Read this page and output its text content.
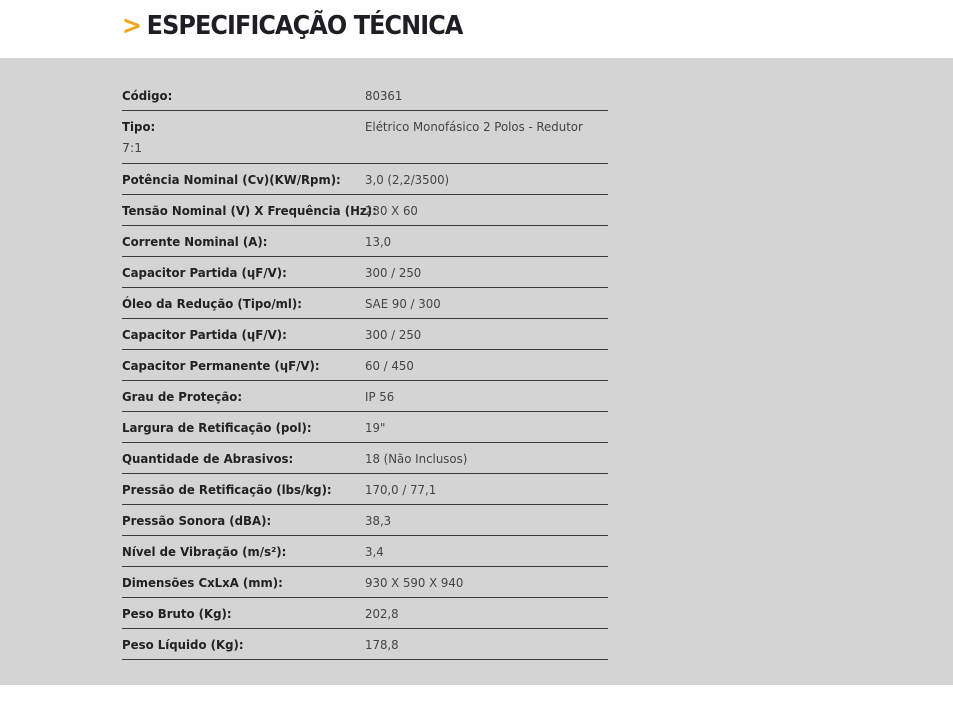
> ESPECIFICAÇÃO TÉCNICA
Código:	80361
Tipo:	Elétrico Monofásico 2 Polos - Redutor
7:1
Potência Nominal (Cv)(KW/Rpm):	3,0 (2,2/3500)
Tensão Nominal (V) X Frequência (Hz):
230 X 60
Corrente Nominal (A):	13,0
Capacitor Partida (ɥF/V):	300 / 250
Óleo da Redução (Tipo/ml):	SAE 90 / 300
Capacitor Partida (ɥF/V):	300 / 250
Capacitor Permanente (ɥF/V):	60 / 450
Grau de Proteção:	IP 56
Largura de Retificação (pol):	19"
Quantidade de Abrasivos:	18 (Não Inclusos)
Pressão de Retificação (lbs/kg):	170,0 / 77,1
Pressão Sonora (dBA):	38,3
Nível de Vibração (m/s²):	3,4
Dimensões CxLxA (mm):	930 X 590 X 940
Peso Bruto (Kg):	202,8
Peso Líquido (Kg):	178,8
